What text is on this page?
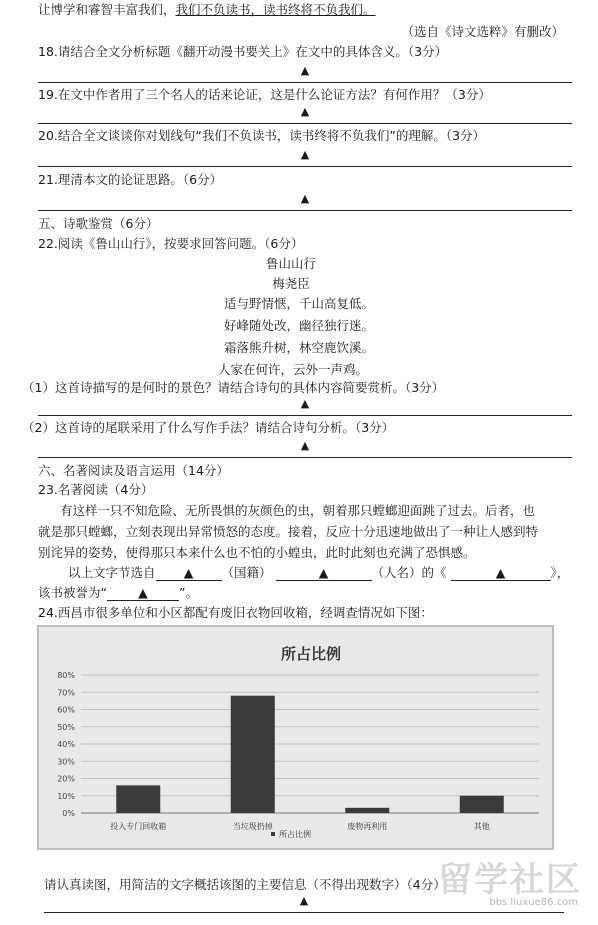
让博学和睿智丰富我们，我们不负读书，读书终将不负我们。
（选自《诗文选粹》有删改）
18.请结合全文分析标题《翻开动漫书要关上》在文中的具体含义。（3分）
▲
19.在文中作者用了三个名人的话来论证，这是什么论证方法？有何作用？（3分）
▲
20.结合全文谈谈你对划线句“我们不负读书，读书终将不负我们”的理解。（3分）
▲
21.理清本文的论证思路。（6分）
▲
五、诗歌鉴赏（6分）
22.阅读《鲁山山行》，按要求回答问题。（6分）
鲁山山行
梅尧臣
适与野情惬，千山高复低。
好峰随处改，幽径独行迷。
霜落熊升树，林空鹿饮溪。
人家在何许，云外一声鸡。
（1）这首诗描写的是何时的景色？请结合诗句的具体内容简要赏析。（3分）
▲
（2）这首诗的尾联采用了什么写作手法？请结合诗句分析。（3分）
▲
六、名著阅读及语言运用（14分）
23.名著阅读（4分）
有这样一只不知危险、无所畏惧的灰颜色的虫，朝着那只螳螂迎面跳了过去。后者，也
就是那只螳螂，立刻表现出异常愤怒的态度。接着，反应十分迅速地做出了一种让人感到特
别诧异的姿势，使得那只本来什么也不怕的小蝗虫，此时此刻也充满了恐惧感。
以上文字节选自 ▲ （国籍）	▲	（人名）的《	▲	》，
该书被誉为“ ▲ ”。
24.西昌市很多单位和小区都配有废旧衣物回收箱，经调查情况如下图：
所占比例
0%
10%
20%
30%
40%
50%
60%
70%
80%
投入专门回收箱	当垃圾扔掉	废物再利用	其他
所占比例
请认真读图，用简洁的文字概括该图的主要信息（不得出现数字）（4分）
▲
留学社区
bbs.liuxue86.com
